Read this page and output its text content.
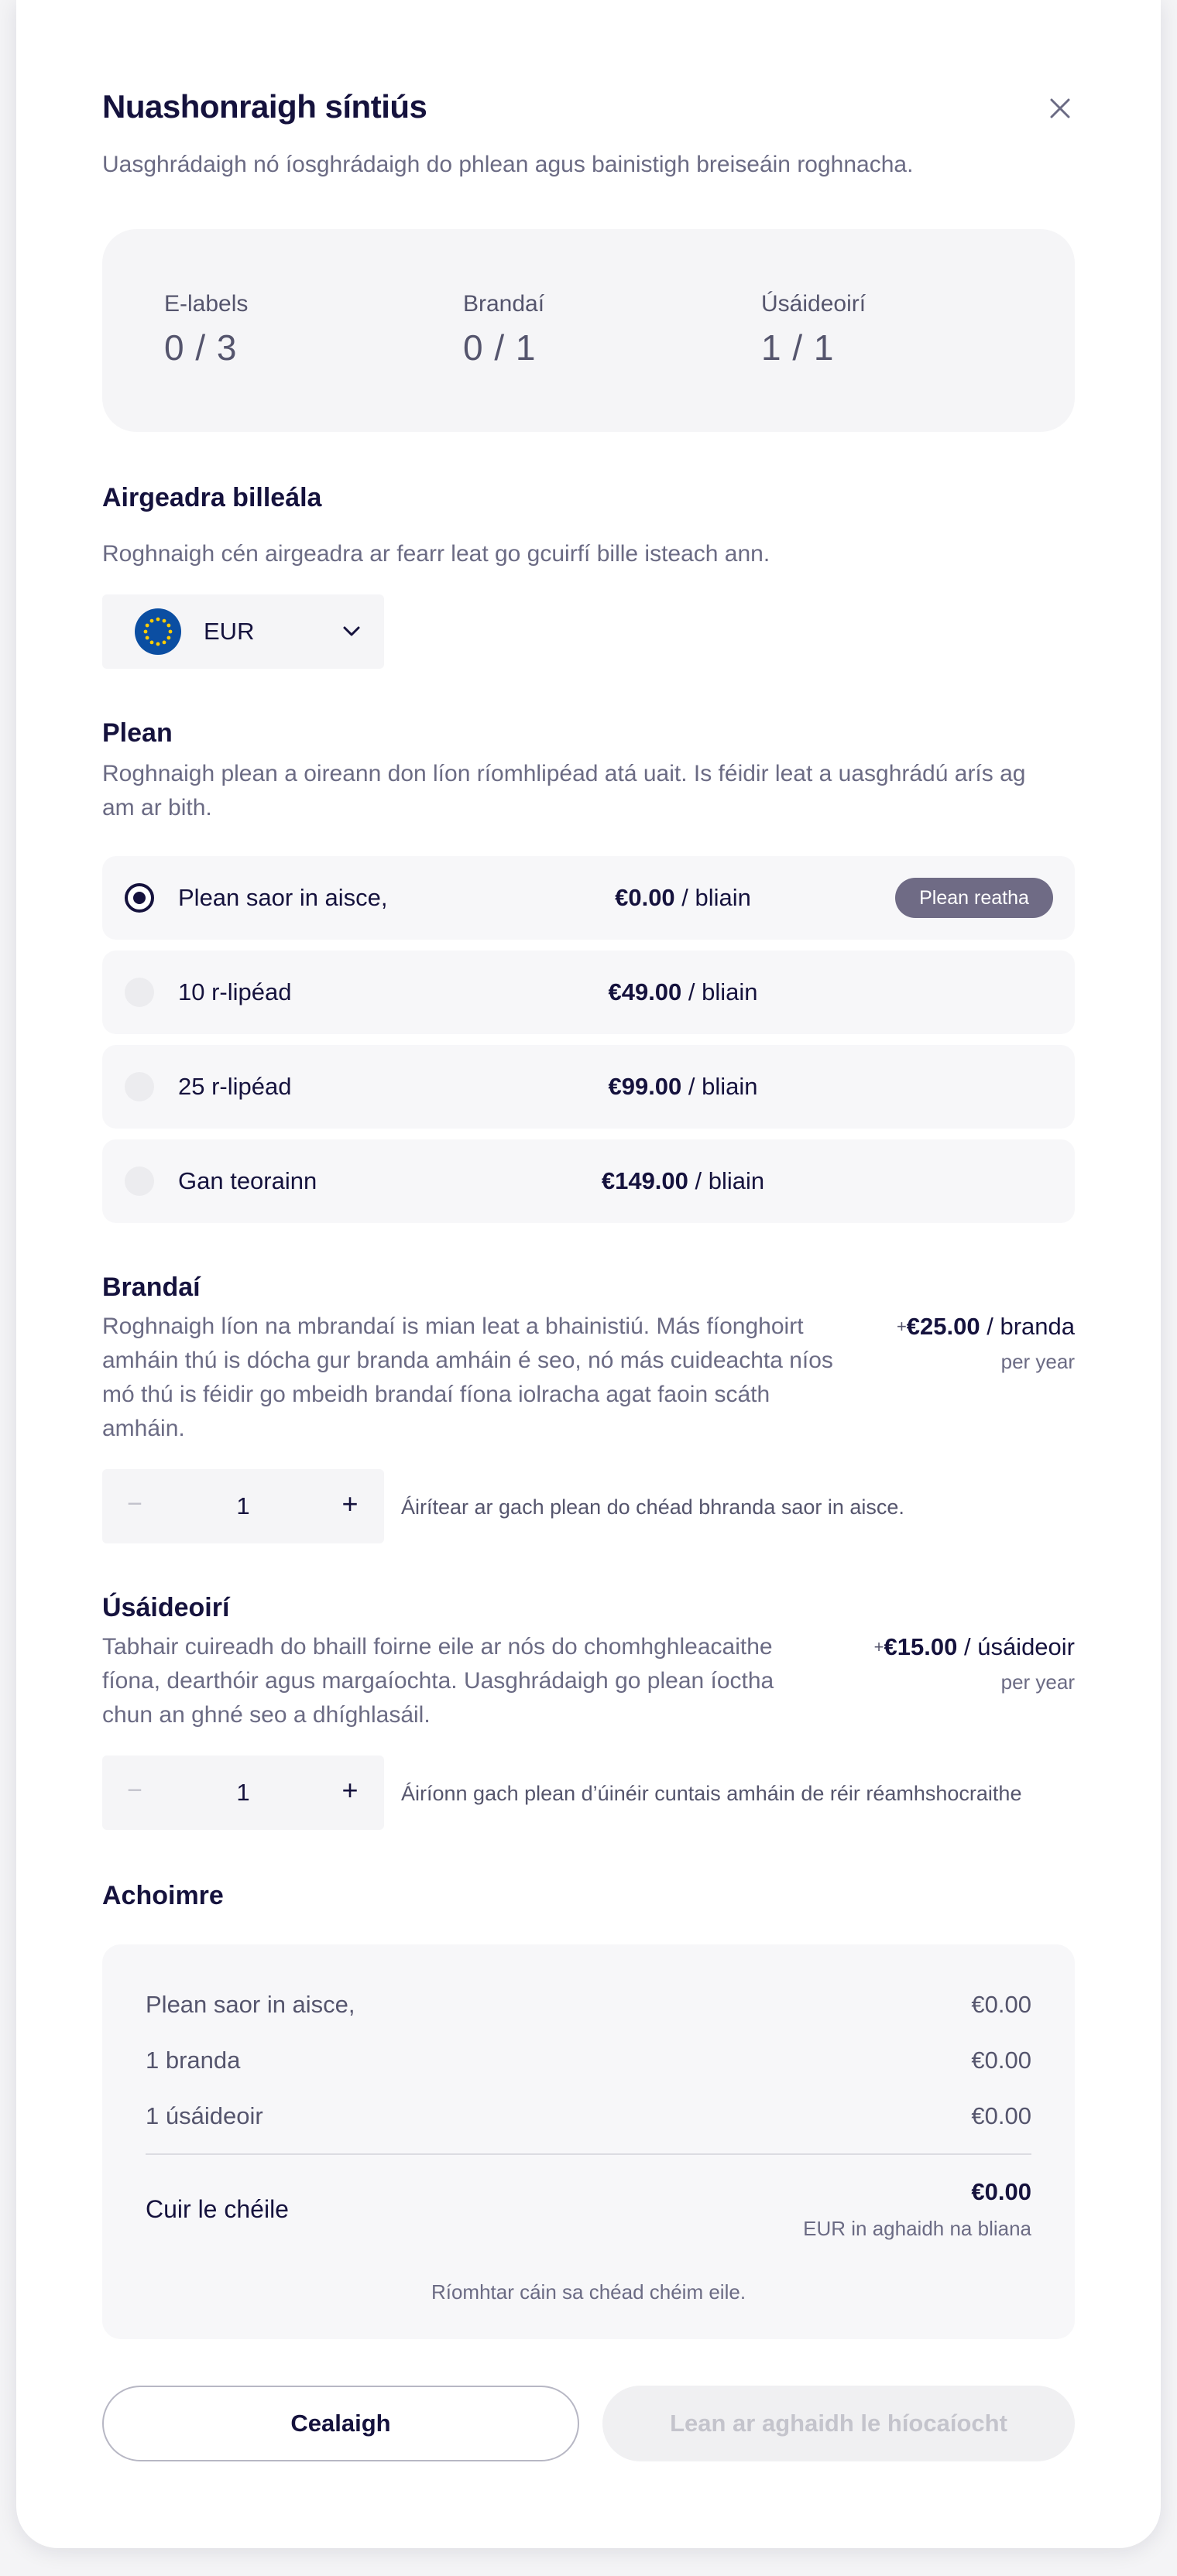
Nuashonraigh síntiús
Uasghrádaigh nó íosghrádaigh do phlean agus bainistigh breiseáin roghnacha.
E-labels
0 / 3
Brandaí
0 / 1
Úsáideoirí
1 / 1
Airgeadra billeála
Roghnaigh cén airgeadra ar fearr leat go gcuirfí bille isteach ann.
EUR
Plean
Roghnaigh plean a oireann don líon ríomhlipéad atá uait. Is féidir leat a uasghrádú arís ag
am ar bith.
Plean saor in aisce,	€0.00 / bliain	Plean reatha
10 r-lipéad	€49.00 / bliain
25 r-lipéad	€99.00 / bliain
Gan teorainn	€149.00 / bliain
Brandaí
Roghnaigh líon na mbrandaí is mian leat a bhainistiú. Más fíonghoirt
amháin thú is dócha gur branda amháin é seo, nó más cuideachta níos
mó thú is féidir go mbeidh brandaí fíona iolracha agat faoin scáth
amháin.
+€25.00 / branda
per year
−	1	+	Áirítear ar gach plean do chéad bhranda saor in aisce.
Úsáideoirí
Tabhair cuireadh do bhaill foirne eile ar nós do chomhghleacaithe
fíona, dearthóir agus margaíochta. Uasghrádaigh go plean íoctha
chun an ghné seo a dhíghlasáil.
+€15.00 / úsáideoir
per year
−	1	+	Áiríonn gach plean d’úinéir cuntais amháin de réir réamhshocraithe
Achoimre
Plean saor in aisce,	€0.00
1 branda	€0.00
1 úsáideoir	€0.00
Cuir le chéile
€0.00
EUR in aghaidh na bliana
Ríomhtar cáin sa chéad chéim eile.
Cealaigh	Lean ar aghaidh le híocaíocht
